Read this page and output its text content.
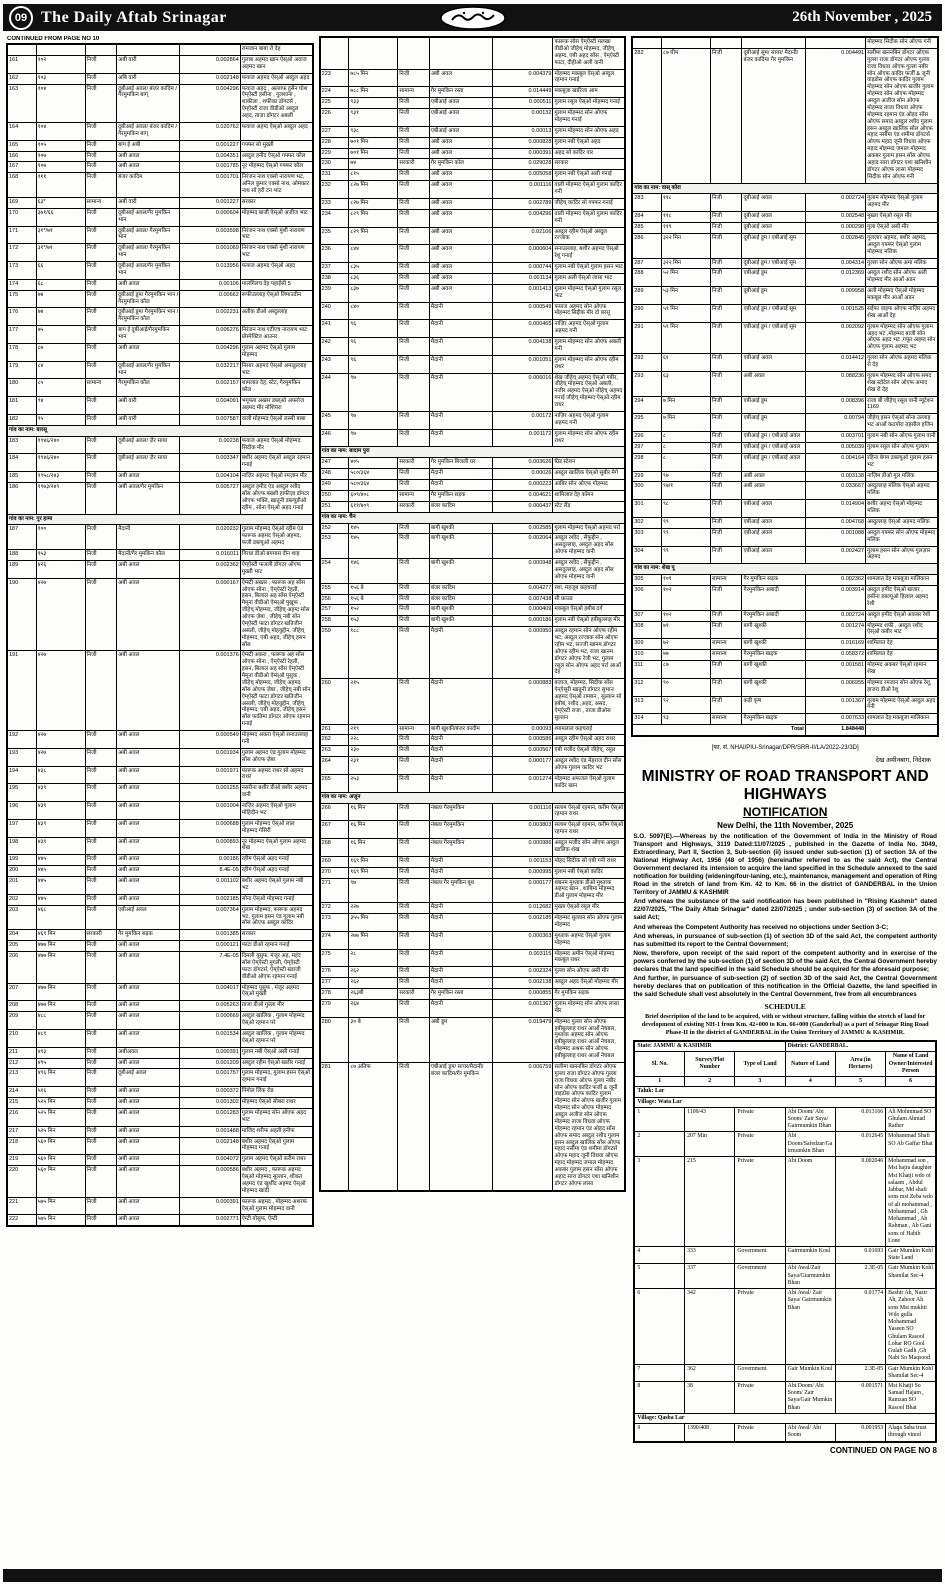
09 The Daily Aftab Srinagar	26th November , 2025
CONTINUED FROM PAGE NO 10
					रामजान बाबा रो देह
161	१०२	निजी	अबी वारी	0.002864	गुलाब अहमद खान ऐस्ओ अवाज अहमद खान
162	१०३	निजी	अबि वारी	0.002148	फयाज अहमद ऐस्ओ अब्दुल अहद
163	१०४	निजी	दूबीआई अवल/ बंजर कादिम / गैरमुमकिन बाग्	0.004296	फयाज अहद , अल्ताफ हुसैन घोश ऐम्ऐस्टी हसीना , गुलशाना , शाकीला , शफीका डॉगटर्स , ऐम्ऐस्टी राजा वीडीओ अब्दुल अहद, ताजा डॉगटर अबली
164	१०४	निजी	दूबीआई अवल/ बंजर कादिम / गैरमुमकिन बाग्	0.020762	फयाज अहम्द ऐस्ओ अब्दुल अहद
165	१०५	निजी	बाग ई अबी	0.001227	गफ्फर सो मुख्ती
166	१०७	निजी	अबी अवल	0.004351	अब्दुल हनीद ऐस्ओ गफ्फर कौल
167	१०७	निजी	अबी अवल	0.001785	नूर मोहम्मद ऐस्ओ गफ्फर कौल
168	१११	निजी	बंजर कादिम	0.001701	निरंजन नाथ एक्सो नारायण भट, अनिल कुमार एक्सो नाथ, ओमकार नाथ सो हरी टन भाट
169	६३*	सामान्य	अबी वारी	0.001227	सरकार
170	३७१/६६	निजी	दूबीआई अवल/गैर मुमकिन भान	0.000604	मोहम्मद बाजी ऐस्ओ अजीज भाट
171	३१*/७१	निजी	दूबीआई अवल/ गैरमुमकिन भान	0.003598	निरंजन नाथ एक्सो मुंशी नारायण भाट
172	३१*/७१	निजी	दूबीआई अवल/ गैरमुमकिन भान	0.001069	निरंजन नाथ एक्सो मुंशी नारायण भाट
173	६६	निजी	दूबीआई अवल/गैर मुमकिन भान	0.013956	फयाज अहमद ऐस्ओ अहद
174	६८	निजी	अबी अवल	0.00106	मालगिलच देह पहाईसी 5
175	७४	निजी	दूबीआई डूम/ गैरमुमकिन भान / गैरमुमकिन कौल	0.00662	रूफीउल्लाह ऐस्ओ लिमाउदीन
176	७४	निजी	दूबीआई डूम/ गैरमुमकिन भान / गैरमुमकिन कौल	0.002231	अतीक डीओ अब्दुल्लाह
177	७५	निजी	बाग ई दूबीआई/गैरमुमकिन भान	0.006276	निरंजन नाथ एटीएच नारायण भाट प्रोस्पेक्टिव आउनर
178	८७	निजी	अबी अवल	0.004296	गुलाम अहमद ऐस्ओ गुलाम मोहम्मद
179	८४	निजी	दूबीआई अवल/गैर मुमकिन भान	0.032217	निसार अहमद ऐस्ओ अमाडुल्लाह भाट
180	८५	सामान्य	गैरमुमकिन कौल	0.002157	शामलात देह, स्टेट, गैरमुमकिन कौल
181	९४	निजी	अबी वारी	0.004091	भगूफ्ता अख्तर डब्ल्ओ अफरोज अहमद मीर नोशियरा
182	९५	निजी	अबी वारी	0.007587	वाली मोहम्मद ऐस्ओ लस्सी बाबा
गांव का नाम: बारसू					
183	१९४६/२४०	निजी	दूबीआई अवल/ ज़ैर साया	0.00238	फयाज अहमद ऐस्ओ मोहम्मद सिदीक मीर
184	१९४६/२४०	निजी	दूबीआई अवल/ ज़ैर साया	0.003347	बशीर अहमद ऐस्ओ अब्दुल रहमान गनाई
185	१९५८/२४३	निजी	अबी अवल	0.004104	नाज़िर अहमद ऐस्ओ रमज़ान मीर
186	१९७३/२४९	निजी	अबी अवल/गैर मुमकिन	0.005727	अब्दुल हमीद एंड अब्दुल रशीद सोंस ओएफ बख्शी हाफीज़ा डॉगटर ओएफ भक्ति, खातूनी डब्ल्यूडीओ रहीम , सोना ऐस्ओ अहद गनाई
गांव का नाम: गुर हामा					
187	१००	निजी	मैदानी	0.020232	गुलाम मोहम्मद ऐस्ओ रहीम एंड फारूक अहमद ऐस्ओ अहमद, फजी डब्ल्यूओ अहमद
188	१५३	निजी	मैदानी/गैर मुमकिन कौल	0.016011	गिरधा डीओ बगमास दीन शाह
189	४२६	निजी	अबी अवल	0.002362	ऐम्ऐस्टी फजली डॉगटर ओएफ मुख्ती भाट
190	४२७	निजी	अबी अवल	0.000167	ऐम्स्टी अख्तर , फारूक अह सोंस ओएफ सोना , ऐम्ऐस्टी रेहती, हसन, बिलाल अह सोंस ऐम्ऐस्टी मैमूना वीडीओ ऐम्स्ओ पुख्रूफ , जीहेच् मोहम्मद, जीहेच् अहम्द सोंस ओएफ ज़ेबा , जीहेच् नबी सोन ऐम्ऐस्टी फाटा डॉगटर खतिजीन असली, जीहेच् मोहयुद्दीन, जीहेच् मोहम्मद, एबी अहद, जीहेच् हसन सोंस
191	४२७	निजी	अबी अवल	0.001376	ऐम्स्टी अकरा , फारूक अह सोंस ओएफ सोना , ऐम्ऐस्टी रेहती, हसन, बिलाल अह सोंस ऐम्ऐस्टी मैमूना वीडीओ ऐम्स्ओ पुसुक , जीहेच् मोहम्मद, जीहेच् अहमद सोंस ओएफ ज़ेबा , जीहेच् नबी सोन ऐम्ऐस्टी फाटा डॉगटर खतिजीन असली, जीहेच् मोहयुद्दीन, जीहेच् मोहम्मद, एबी अहद, जीहेच् हसन सोंस फातिमा डॉगटर ओएफ रहमान गनाई
192	४२७	निजी	अबी अवल	0.000549	मोहम्मद अकरा ऐस्ओ सनाउल्लाह गनी
193	४२७	निजी	अबी अवल	0.001934	गुलाम अहमद एंड गुलाम मोहम्मद सोंस ओएफ ज़ेबा
194	४३८	निजी	अबी अवल	0.001971	फारूक अहमद राथर सो अहमद राथर
195	४३९	निजी	अबी अवल	0.001255	नसरीना बशीर डीओ बशीर अहमद वानी
196	४३९	निजी	अबी अवल	0.001004	नाज़िर अहमद ऐस्ओ गुलाम मोहिदीन भट
197	४३९	निजी	अबी अवल	0.000688	गुलाम मोहम्मद ऐस्ओ लाल मोहम्मद गेसिरी
198	४३९	निजी	अबी अवल	0.000893	नूर मोहम्मद ऐस्ओ गुलाम अहमद शेख
199	४४५	निजी	अबी अवल	0.00186	रहीम ऐस्ओ अहद गनाई
200	४४५	निजी	अबी अवल	8.4E-05	रहीम ऐस्ओ अहद गनाई
201	४४५	निजी	अबी अवल	0.001102	बशीर अहमद ऐस्ओ गुलाम नबी भट
202	४४५	निजी	अबी अवल	0.002185	सोना ऐस्ओ मोहम्मद गनाई
203	४६८	निजी	एबीआई अवल	0.007364	गुलाम मोहम्मद, फारूक अहमद भट, गुलाम हसन एंड गुलाम नबी सोंस ओएफ अब्दुल कादिर
204	४६९ मिन	सरकारी	गैर मुमकिन सड़क	0.001385	सरकार
205	४७७ मिन	निजी	अबी अवल	0.000121	फाटा डीओ रहमान गनाई
206	४७७ मिन	निजी	अबी अवल	7.4E-05	दिमली यूसुफ, मंजूर अह, महंद सोंस ऐम्ऐस्टी मुगली, ऐम्ऐस्टी फाटा डॉगटर्स, ऐम्ऐस्टी ख्वाजी वीडीओ ओएफ रहमान गनाई
207	४७७ मिन	निजी	अबी अवल	0.004017	मोहम्मद यूसुफ , मंजूर अहमद ऐस्ओ मुख्ती
208	४७७ मिन	निजी	अबी अवल	0.005263	ताजा डीओ गुल्ला मीर
209	४८८	निजी	अबी अवल	0.000669	अब्दुल खालिक , गुलाम मोहम्मद ऐस्ओ रहमान परे
210	४८९	निजी	अबी अवल	0.001534	अब्दुल खालिक , गुलाम मोहम्मद ऐस्ओ रहमान परे
211	४९३	निजी	अबीअवल	0.000391	गुलाम नबी ऐस्ओ असी गनाई
212	४९५	निजी	अबी अवल	0.001209	अब्दुल रहीम ऐस्ओ खलीर गनाई
213	४९६ मिन	निजी	दूबीआई अवल	0.001757	गुलाम मोहम्मद, गुलाम हसन ऐस्ओ रहमान गनाई
214	५१६	निजी	अबी अवल	0.000372	पिंगोल लिंक रोड
215	५२५ मिन	निजी	अबी अवल	0.001302	मोहम्मद ऐस्ओ सोबरा राथर
216	५२५ मिन	निजी	अबी अवल	0.001283	गुलाम मोहम्मद सोन ओएफ अहद भाट
217	५२५ मिन	निजी	अबी अवल	0.001488	माजिद शरीफ अहती हनीफ
218	५६० मिन	निजी	अबी अवल	0.002148	बशीर अहमद ऐस्ओ गुलाम मोहम्मद गनाई
219	५६० मिन	निजी	अबी अवल	0.004072	गुलाम अहमद ऐस्ओ करीम राथर
220	५६० मिन	निजी	अबी अवल	0.000586	बशीर अहमद , फारूक अहमद ऐस्ओ मोहम्मद सुल्तान, शौकत अहमद एंड खुर्शीद अहमद ऐस्ओ मोहम्मद खादी
221	५७५ मिन	निजी	अबी अवल	0.000391	फारूक अहमद , मोहम्मद अशरफ ऐस्ओ गुलाम मोहम्मद वानी
222	५७५ मिन	निजी	अबी अवल	0.002771	ऐम्टी योसुफ, ऐम्टी
					फारूक सोस ऐम्ऐस्टी मलखा वीडीओ जीहेच् मोहम्मद, जीहेच् अहम्द, एबी अहद सोंस , ऐम्ऐस्टी फाटा, दीहीओ अली वानी
223	७८५ मिन	निजी	अबी अवल	0.004379	मोहम्मद मकबूल ऐस्ओ अब्दुल रहमान गनाई
224	७८८ मिन	सामान्य	गैर मुमकिन रस्ता	0.014449	मकबूज़ा खारिजा आम
225	९३३	निजी	एबीआई अवल	0.000511	गुलाम रसूल ऐस्ओ मोहम्मद गनाई
226	९३१	निजी	एबीआई अवल	0.00132	गुलाम मोहम्मद सोन ओएफ मोहम्मद गनाई
227	९३८	निजी	एबीआई अवल	0.00013	गुलाम मोहम्मद सोन ओएफ अहद
228	७०१ मिन	निजी	अबी अवल	0.000828	गुलाम नबी ऐस्ओ अहद
229	७०१ मिन	निजी	अबी अवल	0.000391	अहद सो कादिर वार
230	७४	सरकारी	गैर मुमकिन कोल	0.029028	सरकार
231	८१५	निजी	अबी अवल	0.005058	गुलाम नबी ऐस्ओ अली गनाई
232	८२७ मिन	निजी	अबी अवल	0.001116	वाली मोहम्मद ऐस्ओ गुलाम कादिर गनी
233	८२७ मिन	निजी	अबी अवल	0.002789	जीहेच् कादिर सो गफ्फर गनाई
234	८२९ मिन	निजी	अबी अवल	0.004296	वाली मोहम्मद ऐस्ओ गुलाम कादिर गनी
235	८२९ मिन	निजी	अबी अवल	0.02106	अब्दुल रहीम ऐस्ओ अब्दुल रज्जाक
236	८४४	निजी	अबी अवल	0.000604	सनाउल्लाह, बशीर अहमद ऐस्ओ रेशू गनाई
237	८३५	निजी	अबी अवल	0.000744	गुलाम नबी ऐस्ओ गुलाम हसन भाट
238	८३६	निजी	अबी अवल	0.001134	गुलाम अली ऐस्ओ लासा भाट
239	८३७	निजी	अबी अवल	0.001413	गुलाम मोहम्मद ऐस्ओ गुलाम रसूल भाट
240	८४०	निजी	मैदानी	0.000549	फयाज अहमद सोन ओएफ मोहम्मद सिद्दीक मीर दो बरसू
241	९६	निजी	मैदानी	0.000465	नाज़िर अहमद ऐस्ओ गुलाम अहमद गनी
242	९६	निजी	मैदानी	0.004138	गुलाम मोहम्मद सोन ओएफ अबली गनी
243	९६	निजी	मैदानी	0.001051	गुलाम मोहम्मद सोन ओएफ रहीम राथर
244	९७	निजी	मैदानी	0.006016	शेख जीहेच् अहमद ऐस्ओ गबीर, जीहेच् मोहम्मद ऐस्ओ अबली, नजीर अहमद ऐस्ओ जीहेच् अहमद गनाई जीहेच् मोहम्मद ऐस्ओ रहीम राथर
245	९७	निजी	मैदानी	0.00172	नाज़िर अहमद ऐस्ओ गुलाम अहमद गनी
246	९७	निजी	मैदानी	0.001172	गुलाम मोहम्मद सोन ओएफ रहीम राथर
गांव का नाम: बादाम पुरा					
247	४०५	सरकारी	गैर मुमकिन बिजली घर	0.003626	ग्रिड स्टेशन
248	५८०/३६४	निजी	मैदानी	0.00026	अब्दुल खालिक ऐस्ओ सुबीर मैगे
249	५८०/३६४	निजी	मैदानी	0.000223	आबिर सोन ओएफ गोहम्मद
250	६०९/४०८	सामान्य	गैर मुमकिन सड़क	0.004621	शामिलात देह कॉमन
251	६११/४०९	सरकारी	बंजर कादिम	0.000437	स्टेट लैंड
गांव का नाम: चैन					
252	१४५	निजी	बागी खुश्की	0.002585	गुलाम मोहम्मद ऐस्ओ अहमद पर्रा
253	१४५	निजी	बागी खुश्की	0.002064	अब्दुल रशीद , सैफुद्दीन , असदुल्लाह, अब्दुल अहद सोंस ओएफ मोहम्मद वानी
254	१४६	निजी	बागी खुश्की	0.000948	अब्दुल रशीद , सैफुद्दीन , असदुल्लाह, अब्दुल अहद सोंस ओएफ मोहम्मद वानी
255	१५६ बे	निजी	बंजर कादिम	0.004277	रशा, महजूब कहचराई
256	१५६ बे	निजी	बंजर कादिम	0.007438	सी फ्राउड
257	१५२	निजी	बागी खुश्की	0.000409	मकबूल ऐस्ओ हबीब दर्ग
258	१५३	निजी	बागी खुश्की	0.000186	गुलाम नबी ऐस्ओ हबीबुल्लाह मीर
259	१८८	निजी	मैदानी	0.000950	अब्दुल रहमान सोन ओएफ रहीम भट, अब्दुल रज्जाक सोन ओएफ रहीम भट, सज्जी खानम डॉगटर ओएफ रहीम भट, राजा खानम डॉगटर ओएफ रेजी भट, गुलाम रसूल सोन ओएफ अहद पर्रा आर्ओ देह
260	२१५	निजी	मैदानी	0.000883	बजाज, मोहम्मद, सिदीक सोंस ऐन्ऐसूरी खातूनी डॉगटर सुभान अहमद ऐस्ओ रामबन , सुल्तान सो हबीब, रशीद ,अहद, असद, ऐम्ऐस्टी राजा , ताजा डीओस सुल्तान
261	२१९	सामान्य	बागी खुश्की/बंजर कादीम	0.00093	श्यामलाल कहचराई
262	२२८	निजी	मैदानी	0.000586	अब्दुल रहीम ऐस्ओ अहद राथर
263	२३०	निजी	मैदानी	0.000567	एबी मजीद ऐस्ओ जीहेच्, रसूल
264	२३१	निजी	मैदानी	0.000177	अब्दुल रशीद एंड मेहराज दीन सोंस ओएफ गुलाम कादिर भट
265	२५३	निजी	मैदानी	0.001274	मोहम्मद अफजल ऐस्ओ गुलाम कादिर खान
गांव का नाम: अजुन					
266	१६ मिन	निजी	नंबल/ गैरमुमकिन	0.001116	सलाम ऐस्ओ रहमान, करीम ऐस्ओ रहमान राथर
267	१६ मिन	निजी	नंबल/ गैरमुमकिन	0.003803	सलाम ऐस्ओ रहमान, करीम ऐस्ओ रहमान राथर
268	१६ मिन	निजी	नंबल/ गैरमुमकिन	0.000986	अब्दुल मजीद सोन ओएफ अब्दुल खालिक शेख
269	१६९ मिन	निजी	मैदानी	0.001153	मोहद सिदीक सो एबी गनी राथर
270	१६९ मिन	निजी	मैदानी	0.000995	गुलाम नबी ऐस्ओ कादिर
271	९७	निजी	नंबल/ गैर मुमकिन बूथ	0.000177	शबनम मुश्ताक डीओ मुश्ताक अहमद खान , शाबिमा मोहम्मद डीओ गुलाम मोहम्मद मीर
272	२२७	निजी	मैदानी	0.012682	मुख्ता ऐस्ओ रसूल मीर
273	३५५ मिन	निजी	मैदानी	0.002185	मोहम्मद सुल्तान सोन ओएफ गुलाम मोहम्मद
274	२७७ मिन	निजी	मैदानी	0.000363	मुश्ताक अहमद ऐस्ओ गुलाम मोहम्मद
275	२८	निजी	मैदानी	0.003115	मोहम्मद अमीन ऐस्ओ मोहम्मद मकबूल राथर
276	२६२	निजी	मैदानी	0.002324	गुल्ला सोन ओएफ असी मीर
277	२६२	निजी	मैदानी	0.002138	अब्दुल अहद ऐस्ओ मोहम्मद मीर
278	२६३बी	सरकारी	गैर मुमकिन रस्ता	0.000855	गैर मुमकिन सड़क
279	२६४	निजी	मैदानी	0.001367	गुलाम मोहम्मद सोन ओएफ लासा मीर
280	३० बे	निजी	अबी डूम	0.019479	मोहम्मद गुल्ला सोन ओएफ हबीबुल्लाह राथर आर्ओ नेचबल, मुश्ताक अहमद सोन ओएफ हबीबुल्लाह राथर आर्ओ नेचबल, मोहम्मद अश्रफ सोन ओएफ हबीबुल्लाह राथर आर्ओ नेचबल
281	८७ अतिफ	निजी	एबीआई डूम/ सायर/मैदानी/बंजर कादिम/गैर मुमकिन	0.006759	सलीमा खननबिन डॉगटर ओएफ गुल्ला राजा डॉगटर ओएफ गुल्ला राजा विधवा ओएफ गुल्ला नबीर सोन ओएफ कादिर फर्जी & जूनी वाइडोस ओएफ कादिर गुलाम मोहम्मद सोन ओएफ खजीर गुलाम मोहम्मद सोन ओएफ मोहम्मद अब्दुल अजीज सोन ओएफ मोहम्मद ताजा विधवा ओएफ मोहम्मद रहमान एंड ओहद सोंस ओएफ समाद अब्दुल रशीद गुलाम हसन अब्दुल खालिक सोंस ओएफ महाद नसीमा एंड शमीमा डॉगटर्स ओएफ महाद जूनी विधवा ओएफ महाद मोहम्मद जमाल मोहम्मद अकबर गुलाम हसन सोंस ओएफ अहाद सारा डॉगटर एशा खनिशीन डॉगटर ओएफ लासा
					मोहम्मद सिदीक सोन ओएफ गनी
282	८७ घीम	निजी	दूबीआई सूम/ सायर/ मैदानी/ बंजर कादिम/ गैर मुमकिन	0.004491	सलीमा खननबिन डॉगटर ओएफ गुल्ला राजा डॉगटर ओएफ गुल्ला राजा विधवा ओएफ गुल्ला नबीर सोन ओएफ कादिर फर्जी & जूनी वाइडोस ओएफ कादिर गुलाम मोहम्मद सोन ओएफ खजीर गुलाम मोहम्मद सोन ओएफ मोहम्मद अब्दुल अजीज सोन ओएफ मोहम्मद ताजा विधवा ओएफ मोहम्मद रहमान एंड ओहद सोंस ओएफ समाद अब्दुल रशीद गुलाम हसन अब्दुल खालिक सोल ओएफ महाद नसीमा एंड शमीमा डॉगटर्स ओएफ महाद जूनी विधवा ओएफ महाद मोहम्मद जमाल मोहम्मद अकबर गुलाम हसन सोंस ओएफ अहाद सारा डॉगटर एशा खनिशीन डॉगटर ओएफ लासा मोहम्मद सिदीक सोन ओएफ गनी
गांव का नाम: वास् कोरा					
283	११८	निजी	दूबीआई अवल	0.002724	गुलाम मोहम्मद ऐस्ओ गुलाम अहमद मीर
284	११८	निजी	दूबीआई अवल	0.002548	मुख्ता ऐस्ओ रसूल मीर
285	११९	निजी	दूबीआई अवल	0.000298	गुला ऐस्ओ असी मीर
286	३२२ मिन	निजी	दूबीआई डूम / एबीआई सूम	0.002845	गुलज़ार अहमद, बशीर अहमद, अब्दुल गफ्फर ऐस्ओ गुलाम मोहम्मद मलिक
287	३२२ मिन	निजी	दूबीआई डूम / एबीआई सूम	0.004314	गुल्ला सोन ओएफ अमा मलिक
288	५२ मिन	निजी	एबीआई डूम	0.012369	अब्दुल रशीद सोन ओएफ अली मोहम्मद मीर आर्ओ अडन
289	५३ मिन	निजी	दूबीआई डूम	0.009958	अली मोहम्मद ऐस्ओ मोहम्मद मकबूल मीर आर्ओ अडन
290	५९ मिन	निजी	एबीआई डूम / एबीआई सूम	0.001525	सईफा वाइफ ओएफ नाज़िर अहमद शेख आर्ओ देह
291	५९ मिन	निजी	एबीआई डूम / एबीआई सूम	0.002092	गुलाम मोहम्मद सोन ओएफ गुलाम अहद भट ,मोहम्मद बाजी सोन ओएफ अहद भट ,गफूर अहम्द सोन ओएफ गुलाम अहमद भट
292	६१	निजी	एबीआई अवल	0.014412	गुल्ला सोन ओएफ अहमद मलिक रो देह
293	६३	निजी	अबी अवल	0.088236	गुलाम मोहम्मद सोन ओएफ समद शेख स्टोटेल सोन ओएफ अमाद शेख रो देह
294	७ मिन	निजी	एबीआई डूम	0.008396	राजा बी जीहेच् रसूल वानी म्यूटेशन 1169
295	७ मिन	निजी	एबीआई डूम	0.00794	जीहेच् हसन ऐस्ओ सोना उल्लाह भट आर्ओ कठपोरा तहसील हजिन
296	८	निजी	एबीआई डूम / एबीआई अवल	0.003701	गुलाम नबी सोन ओएफ गुलाम वानी
297	८	निजी	एबीआई डूम / एबीआई अवल	0.005039	गुलाम रसूल सोन ओएफ गुल्याग
298	८	निजी	एबीआई डूम / एबीआई अवल	0.004164	रहिना बेगम डबल्यूओ गुलाम हसन भट
299	९७	निजी	अबी अवल	0.003138	नाज़िम डीओ गुल मलिक
300	९७/१	निजी	अबी अवल	0.033667	अब्दुल्लाह मलिक ऐस्ओ अहमद मलिक
301	९८	निजी	एबीआई अवल	0.014904	बशीर अहम्द ऐस्ओ मोहम्मद मलिक
302	९९	निजी	एबीआई अवल	0.004768	अब्दुल्लाह ऐस्ओ अहमद मलिक
303	९९	निजी	एबीआई अवल	0.001088	अब्दुल गफ्फर सोन ओएफ मोहम्मद मलिक
304	९९	निजी	एबीआई अवल	0.002427	गुलाम हसन सोन ओएफ गुलज़ार अहमद
गांव का नाम: शेख पू					
305	१०१	सामान्य	गैर मुमकिन सड़क	0.002362	शामलात देह मकबूजा मालिकान
306	१०२	निजी	गैरमुमकिन अबादी	0.003914	अब्दुल हमीद ऐस्ओ खजार , हसीना डबल्यूओ हिलाल अहमद रेशी
307	१०२	निजी	गैरमुमकिन अबादी	0.002724	अब्दुल हमीद ऐस्ओ अकबर रेशी
308	७१	निजी	बागी खुश्की	0.001274	मोहम्मद शफी , अब्दुल रशीद ऐस्ओ कबीर भाट
309	७२	सामान्य	बागी खुश्की	0.016169	शामिलात देह
310	७७	सामान्य	गैरमुमकिन खड्क	0.058372	शामिलात देह
311	८७	निजी	बागी खुश्की	0.001581	मोहम्मद अकबर ऐस्ओ रहमान शेख
312	९०	निजी	बागी खुश्की	0.006955	मोहम्मद रमजान सोन ओएफ रेशू, हाजरा डीओ रेशू
313	९२	निजी	कड़ी कृष	0.001367	गुलाम मोहम्मद ऐस्ओ अब्दुल अहद गनी
314	९३	सामान्य	गैरमुमकिन खड्क	0.007633	शामलात देह मकबूजा मालिकान
Total				1.848448	
[फा. सं. NHAI/PIU-Srinagar/DPR/SRR-II/LA/2022-23/3D]
देख अमीनबाग, निदेशक
MINISTRY OF ROAD TRANSPORT AND HIGHWAYS
NOTIFICATION
New Delhi, the 11th November, 2025

S.O. 5097(E).—Whereas by the notification of the Government of India in the Ministry of Road Transport and Highways, 3119 Dated:11/07/2025 , published in the Gazette of India No. 3049, Extraordinary, Part II, Section 3, Sub-section (ii) issued under sub-section (1) of section 3A of the National Highway Act, 1956 (48 of 1956) (hereinafter referred to as the said Act), the Central Government declared its intension to acquire the land specified in the Schedule annexed to the said notification for building (widening/four-laning, etc.), maintenance, management and operation of Ring Road in the stretch of land from Km. 42 to Km. 66 in the district of GANDERBAL in the Union Territory of JAMMU & KASHMIR

And whereas the substance of the said notification has been published in "Rising Kashmir" dated 22/07/2025, "The Daily Aftab Srinagar" dated 22/07/2025 ; under sub-section (3) of section 3A of the said Act;

And whereas the Competent Authority has received no objections under Section 3-C;

And whereas, in pursuance of sub-section (1) of section 3D of the said Act, the competent authority has submitted its report to the Central Government;

Now, therefore, upon receipt of the said report of the competent authority and in exercise of the powers conferred by the sub-section (1) of section 3D of the said Act, the Central Government hereby declares that the land specified in the said Schedule should be acquired for the aforesaid purpose;

And further, in pursuance of sub-section (2) of section 3D of the said Act, the Central Government hereby declares that on publication of this notification in the Official Gazette, the land specified in the said Schedule shall vest absolutely in the Central Government, free from all encumbrances

SCHEDULE
Brief description of the land to be acquired, with or without structure, falling within the stretch of land for development of existing NH-1 from Km. 42+000 to Km. 66+000 (Ganderbal) as a part of Srinagar Ring Road Phase-II in the district of GANDERBAL in the Union Territory of JAMMU & KASHMIR.
State: JAMMU & KASHMIR			District: GANDERBAL.		
Sl. No.	Survey/Plot Number	Type of Land	Nature of Land	Area (in Hectares)	Name of Land Owner/Interested Person
1	2	3	4	5	6
Taluk: Lar					
Village: Wata Lar					
1	1109/43	Private	Abi Doom/ Abi Soom/ Zair Saya/ Gairmumkin Bhan	0.013166	Ali Mohmmad SO Ghulam Ahmad Rather
2	207 Min	Private	Abi Doom/Safedzar/Gairmumkin Bhan	0.012645	Mohammad Shafi SO Ab Gaffar Bhat
3	215	Private	Abi Doom	0.002046	Mohammad son , Mst hajra daughter Mst Khatji wdo of salaam , Abdul Jabbar, Md shafi sons mst Zeba wdo of ali mohammad , Mohammad , Gh Mohammad , Ab Rahman , Ab Gani sons of Habib Lone
4	333	Government	Gairmumkin Koul	0.01693	Gair Mumkin Kohl State Land
5	337	Government	Abi Awal/Zair Saya/Giarmumkin Bhan	2.3E-05	Gair Mumkin Kohl Shamilat Sec-4
6	342	Private	Abi Awal/ Zair Saya/ Gairmumkin Bhan	0.01774	Bashir Ah, Nazir Ah, Zahoor Ah sons Mst mukhti Wdo gulla Mohammad Yaseen SO Ghulam Rasool Lohar RO Gool Gulab Gadh ,Gh Nabi So Maqsood
7	362	Government	Gair Mumkin Koul	2.3E-05	Gair Mumkin Kohl Shamilat Sec-4
8	38	Private	Abi Doom/ Abi Soom/ Zair Saya/Gair Mumkin Bhan	0.001571	Mst Khatji So Samad Hajam , Ramzan SO Rasool Bhat
Village: Qasba Lar					
9	1390/408	Private	Abi Awal/ Abi Soom	0.001953	Alaqa Saba trust through vinod
CONTINUED ON PAGE NO 8
